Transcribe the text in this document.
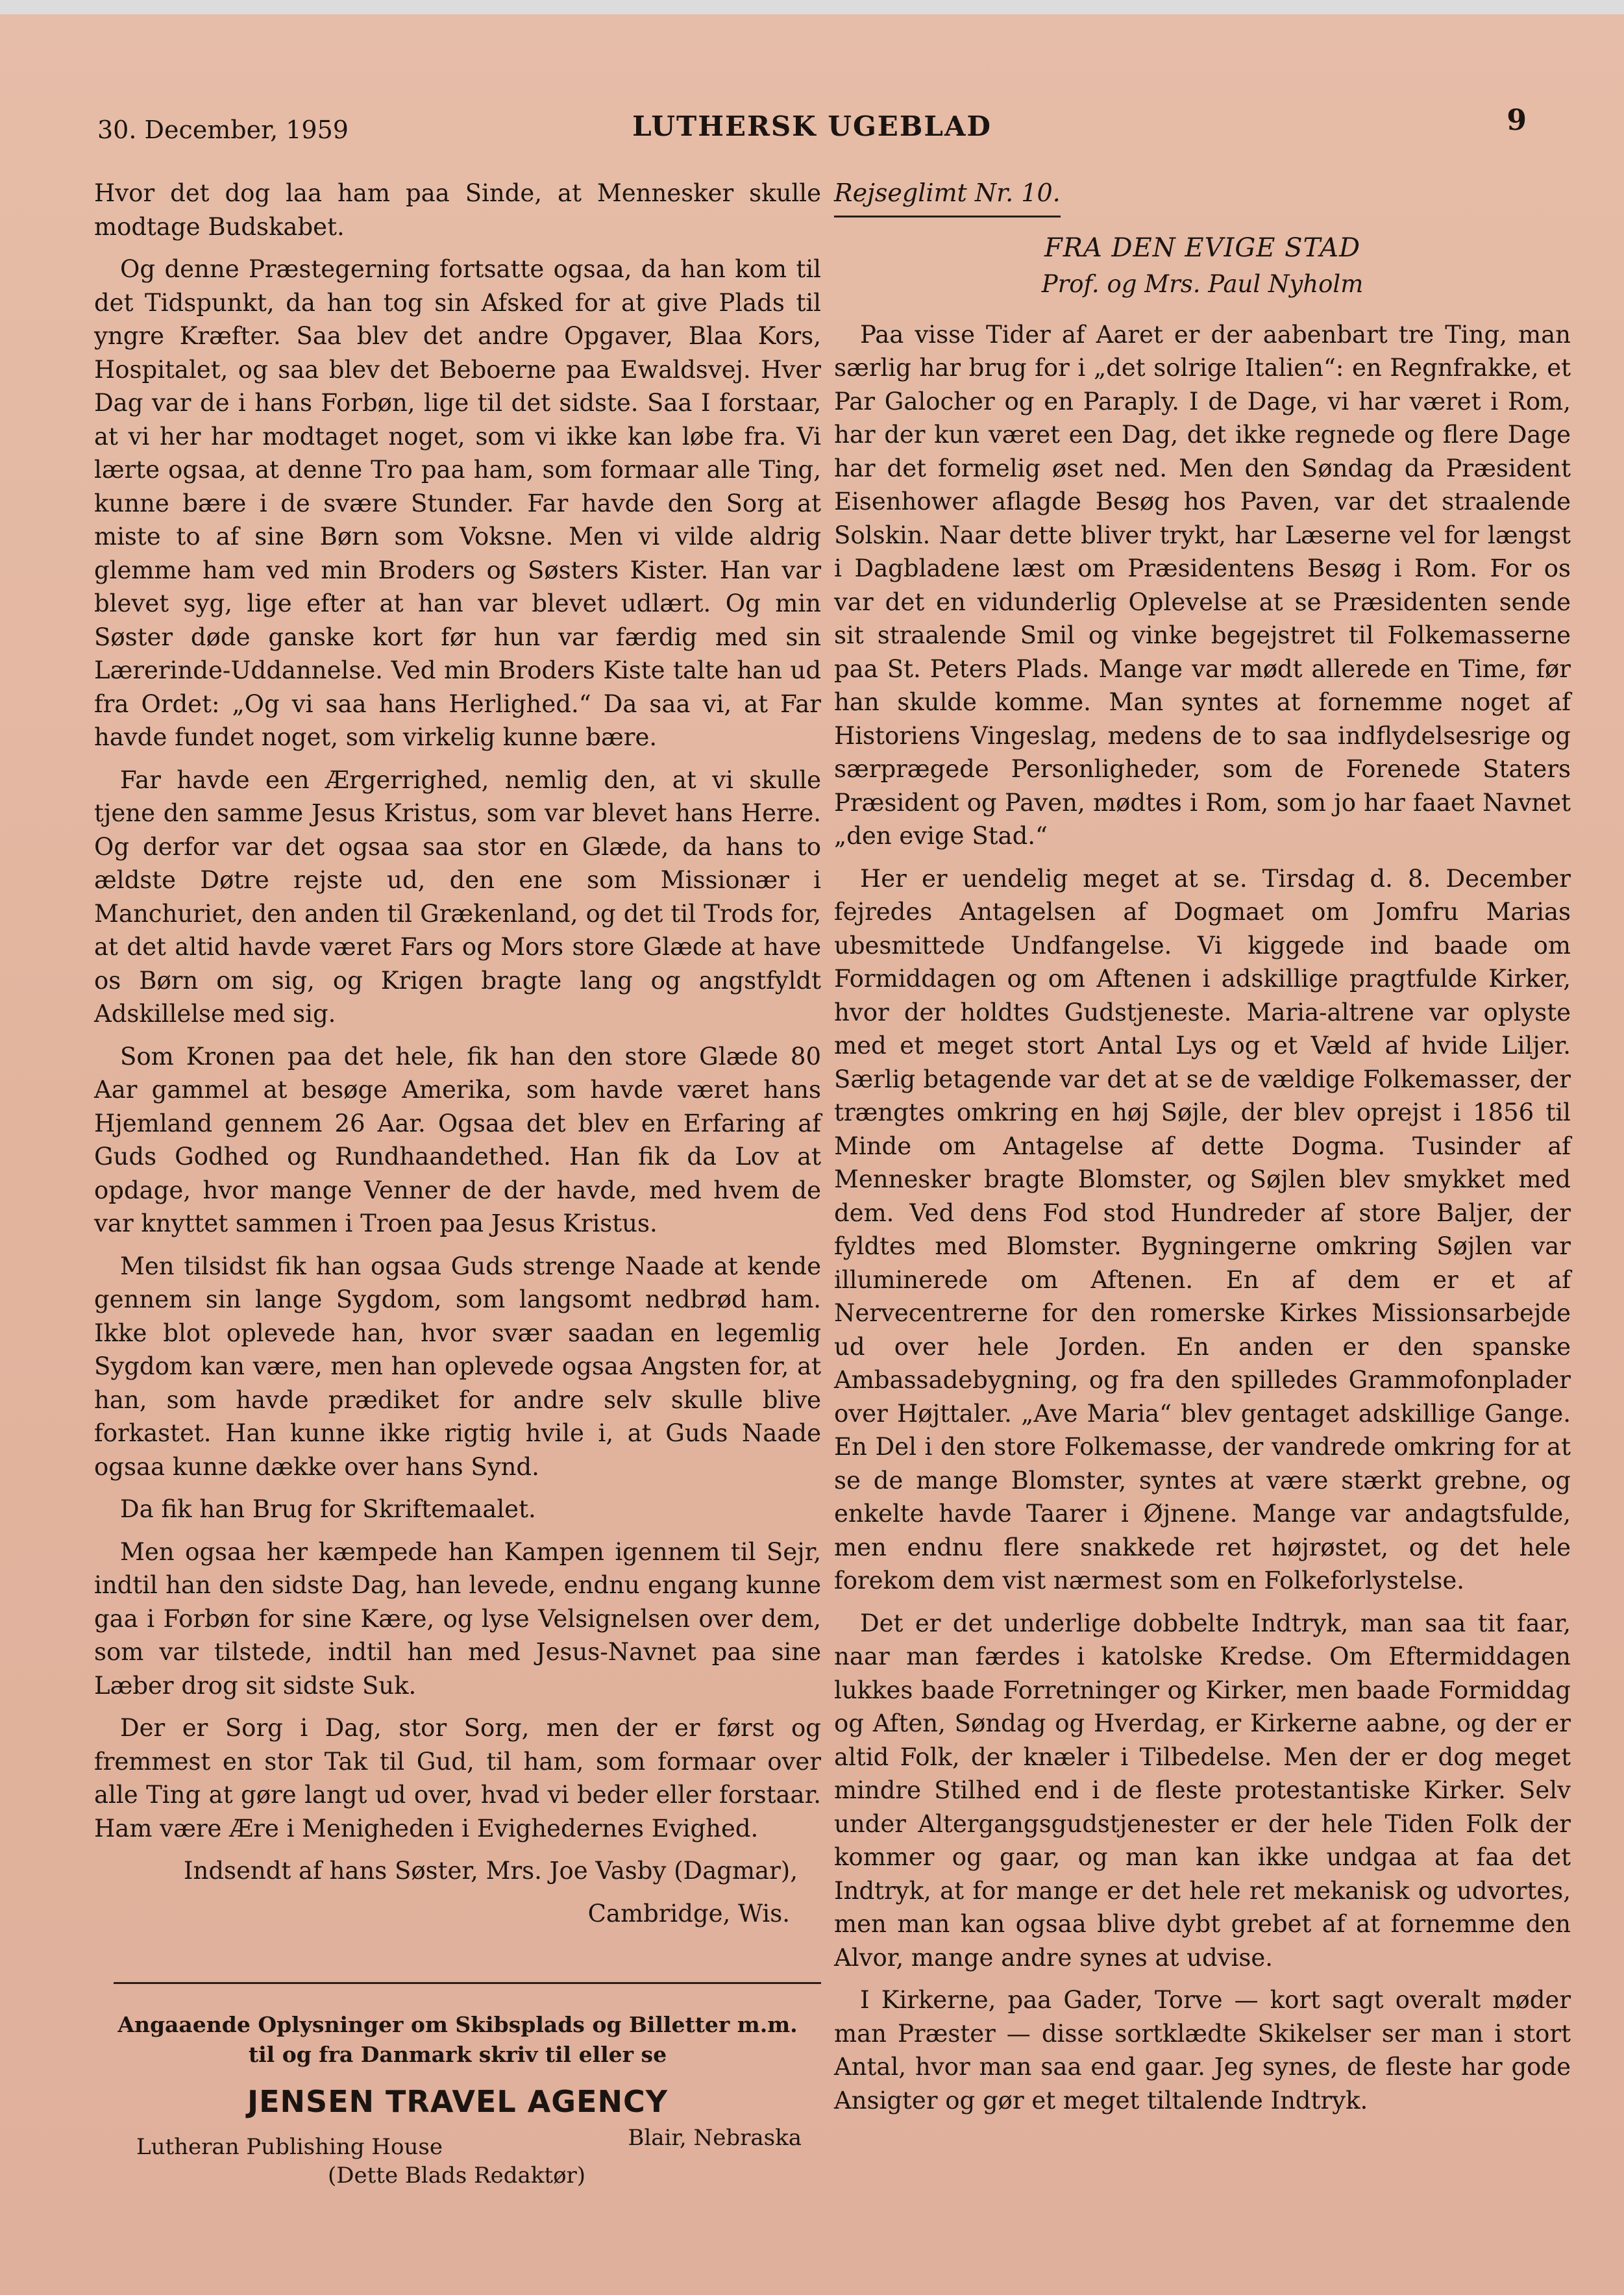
30. December, 1959	LUTHERSK UGEBLAD	9

Hvor det dog laa ham paa Sinde, at Mennesker skulle modtage Budskabet.

Og denne Præstegerning fortsatte ogsaa, da han kom til det Tidspunkt, da han tog sin Afsked for at give Plads til yngre Kræfter. Saa blev det andre Opgaver, Blaa Kors, Hospitalet, og saa blev det Beboerne paa Ewaldsvej. Hver Dag var de i hans Forbøn, lige til det sidste. Saa I forstaar, at vi her har modtaget noget, som vi ikke kan løbe fra. Vi lærte ogsaa, at denne Tro paa ham, som formaar alle Ting, kunne bære i de svære Stunder. Far havde den Sorg at miste to af sine Børn som Voksne. Men vi vilde aldrig glemme ham ved min Broders og Søsters Kister. Han var blevet syg, lige efter at han var blevet udlært. Og min Søster døde ganske kort før hun var færdig med sin Lærerinde-Uddannelse. Ved min Broders Kiste talte han ud fra Ordet: „Og vi saa hans Herlighed.“ Da saa vi, at Far havde fundet noget, som virkelig kunne bære.

Far havde een Ærgerrighed, nemlig den, at vi skulle tjene den samme Jesus Kristus, som var blevet hans Herre. Og derfor var det ogsaa saa stor en Glæde, da hans to ældste Døtre rejste ud, den ene som Missionær i Manchuriet, den anden til Grækenland, og det til Trods for, at det altid havde været Fars og Mors store Glæde at have os Børn om sig, og Krigen bragte lang og angstfyldt Adskillelse med sig.

Som Kronen paa det hele, fik han den store Glæde 80 Aar gammel at besøge Amerika, som havde været hans Hjemland gennem 26 Aar. Ogsaa det blev en Erfaring af Guds Godhed og Rundhaandethed. Han fik da Lov at opdage, hvor mange Venner de der havde, med hvem de var knyttet sammen i Troen paa Jesus Kristus.

Men tilsidst fik han ogsaa Guds strenge Naade at kende gennem sin lange Sygdom, som langsomt nedbrød ham. Ikke blot oplevede han, hvor svær saadan en legemlig Sygdom kan være, men han oplevede ogsaa Angsten for, at han, som havde prædiket for andre selv skulle blive forkastet. Han kunne ikke rigtig hvile i, at Guds Naade ogsaa kunne dække over hans Synd.

Da fik han Brug for Skriftemaalet.

Men ogsaa her kæmpede han Kampen igennem til Sejr, indtil han den sidste Dag, han levede, endnu engang kunne gaa i Forbøn for sine Kære, og lyse Velsignelsen over dem, som var tilstede, indtil han med Jesus-Navnet paa sine Læber drog sit sidste Suk.

Der er Sorg i Dag, stor Sorg, men der er først og fremmest en stor Tak til Gud, til ham, som formaar over alle Ting at gøre langt ud over, hvad vi beder eller forstaar. Ham være Ære i Menigheden i Evighedernes Evighed.

Indsendt af hans Søster, Mrs. Joe Vasby (Dagmar),

Cambridge, Wis.

Angaaende Oplysninger om Skibsplads og Billetter m.m.
til og fra Danmark skriv til eller se
JENSEN TRAVEL AGENCY
Lutheran Publishing House	Blair, Nebraska
(Dette Blads Redaktør)
Rejseglimt Nr. 10.
FRA DEN EVIGE STAD
Prof. og Mrs. Paul Nyholm

Paa visse Tider af Aaret er der aabenbart tre Ting, man særlig har brug for i „det solrige Italien“: en Regnfrakke, et Par Galocher og en Paraply. I de Dage, vi har været i Rom, har der kun været een Dag, det ikke regnede og flere Dage har det formelig øset ned. Men den Søndag da Præsident Eisenhower aflagde Besøg hos Paven, var det straalende Solskin. Naar dette bliver trykt, har Læserne vel for længst i Dagbladene læst om Præsidentens Besøg i Rom. For os var det en vidunderlig Oplevelse at se Præsidenten sende sit straalende Smil og vinke begejstret til Folkemasserne paa St. Peters Plads. Mange var mødt allerede en Time, før han skulde komme. Man syntes at fornemme noget af Historiens Vingeslag, medens de to saa indflydelsesrige og særprægede Personligheder, som de Forenede Staters Præsident og Paven, mødtes i Rom, som jo har faaet Navnet „den evige Stad.“

Her er uendelig meget at se. Tirsdag d. 8. December fejredes Antagelsen af Dogmaet om Jomfru Marias ubesmittede Undfangelse. Vi kiggede ind baade om Formiddagen og om Aftenen i adskillige pragtfulde Kirker, hvor der holdtes Gudstjeneste. Maria-altrene var oplyste med et meget stort Antal Lys og et Væld af hvide Liljer. Særlig betagende var det at se de vældige Folkemasser, der trængtes omkring en høj Søjle, der blev oprejst i 1856 til Minde om Antagelse af dette Dogma. Tusinder af Mennesker bragte Blomster, og Søjlen blev smykket med dem. Ved dens Fod stod Hundreder af store Baljer, der fyldtes med Blomster. Bygningerne omkring Søjlen var illuminerede om Aftenen. En af dem er et af Nervecentrerne for den romerske Kirkes Missionsarbejde ud over hele Jorden. En anden er den spanske Ambassadebygning, og fra den spilledes Grammofonplader over Højttaler. „Ave Maria“ blev gentaget adskillige Gange. En Del i den store Folkemasse, der vandrede omkring for at se de mange Blomster, syntes at være stærkt grebne, og enkelte havde Taarer i Øjnene. Mange var andagtsfulde, men endnu flere snakkede ret højrøstet, og det hele forekom dem vist nærmest som en Folkeforlystelse.

Det er det underlige dobbelte Indtryk, man saa tit faar, naar man færdes i katolske Kredse. Om Eftermiddagen lukkes baade Forretninger og Kirker, men baade Formiddag og Aften, Søndag og Hverdag, er Kirkerne aabne, og der er altid Folk, der knæler i Tilbedelse. Men der er dog meget mindre Stilhed end i de fleste protestantiske Kirker. Selv under Altergangsgudstjenester er der hele Tiden Folk der kommer og gaar, og man kan ikke undgaa at faa det Indtryk, at for mange er det hele ret mekanisk og udvortes, men man kan ogsaa blive dybt grebet af at fornemme den Alvor, mange andre synes at udvise.

I Kirkerne, paa Gader, Torve — kort sagt overalt møder man Præster — disse sortklædte Skikelser ser man i stort Antal, hvor man saa end gaar. Jeg synes, de fleste har gode Ansigter og gør et meget tiltalende Indtryk.
